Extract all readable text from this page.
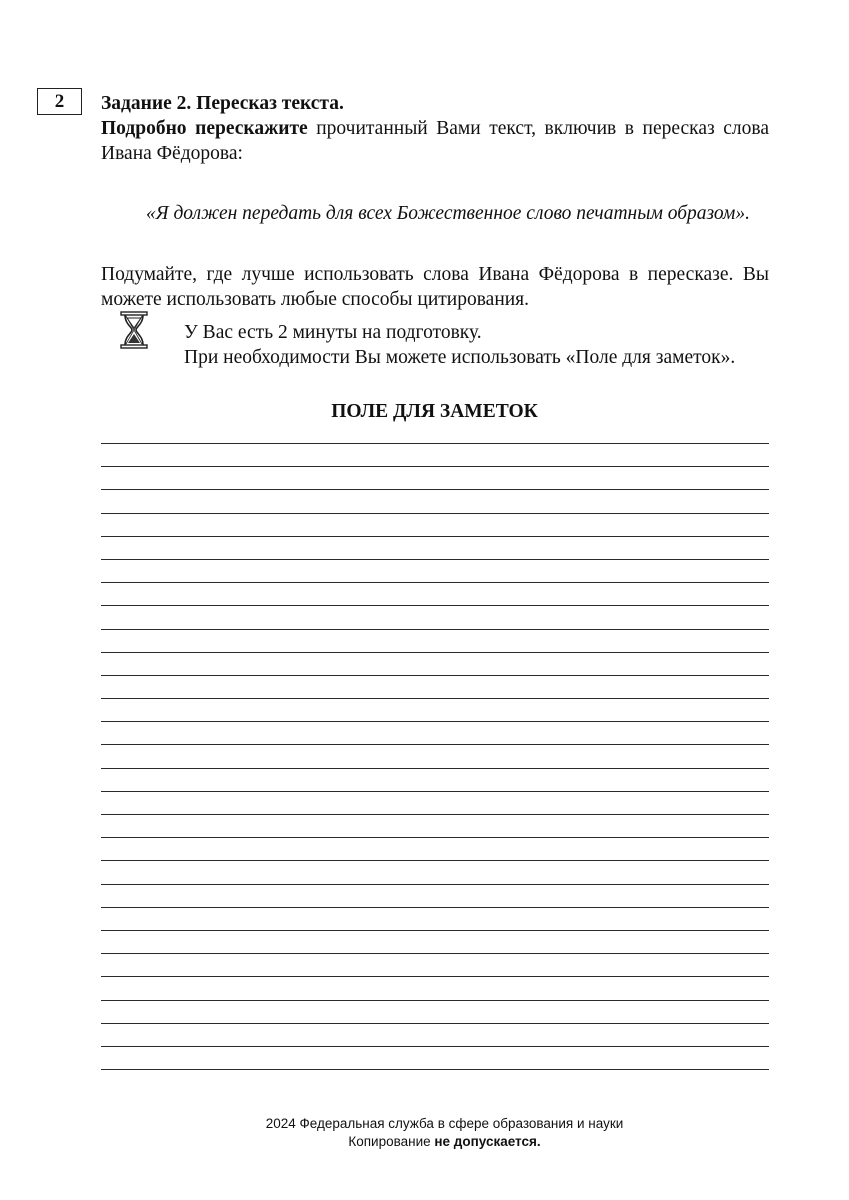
2 Задание 2. Пересказ текста.

Подробно перескажите прочитанный Вами текст, включив в пересказ слова Ивана Фёдорова:

«Я должен передать для всех Божественное слово печатным образом».

Подумайте, где лучше использовать слова Ивана Фёдорова в пересказе. Вы можете использовать любые способы цитирования.

У Вас есть 2 минуты на подготовку.

При необходимости Вы можете использовать «Поле для заметок».

ПОЛЕ ДЛЯ ЗАМЕТОК

2024 Федеральная служба в сфере образования и науки

Копирование не допускается.
